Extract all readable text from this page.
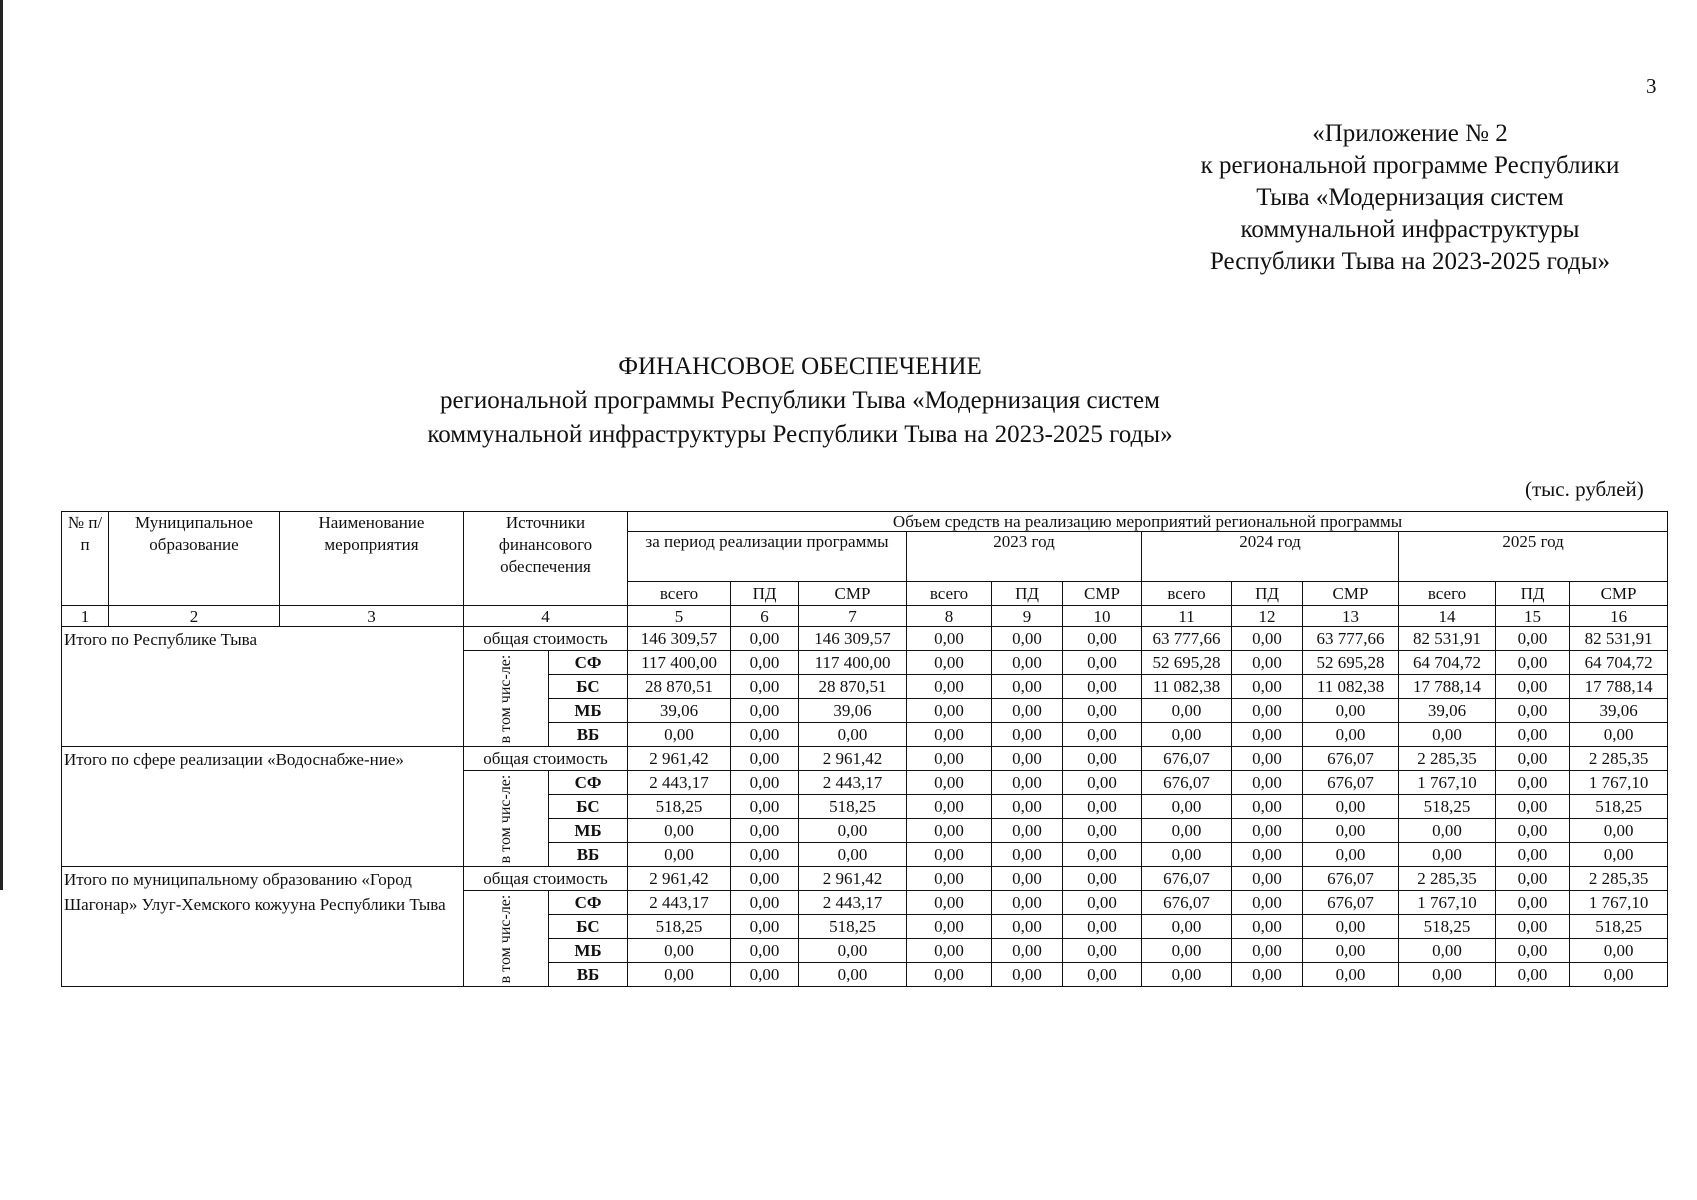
3
«Приложение № 2
к региональной программе Республики
Тыва «Модернизация систем
коммунальной инфраструктуры
Республики Тыва на 2023-2025 годы»
ФИНАНСОВОЕ ОБЕСПЕЧЕНИЕ
региональной программы Республики Тыва «Модернизация систем
коммунальной инфраструктуры Республики Тыва на 2023-2025 годы»
(тыс. рублей)
№ п/п	Муниципальное образование	Наименование мероприятия	Источники финансового обеспечения		Объем средств на реализацию мероприятий региональной программы											
					за период реализации программы			2023 год			2024 год			2025 год		
					всего	ПД	СМР	всего	ПД	СМР	всего	ПД	СМР	всего	ПД	СМР
1	2	3	4		5	6	7	8	9	10	11	12	13	14	15	16
Итого по Республике Тыва			общая стоимость		146 309,57	0,00	146 309,57	0,00	0,00	0,00	63 777,66	0,00	63 777,66	82 531,91	0,00	82 531,91

			в том чис-ле:	СФ	117 400,00	0,00	117 400,00	0,00	0,00	0,00	52 695,28	0,00	52 695,28	64 704,72	0,00	64 704,72
				БС	28 870,51	0,00	28 870,51	0,00	0,00	0,00	11 082,38	0,00	11 082,38	17 788,14	0,00	17 788,14
				МБ	39,06	0,00	39,06	0,00	0,00	0,00	0,00	0,00	0,00	39,06	0,00	39,06
				ВБ	0,00	0,00	0,00	0,00	0,00	0,00	0,00	0,00	0,00	0,00	0,00	0,00
Итого по сфере реализации «Водоснабже-ние»			общая стоимость		2 961,42	0,00	2 961,42	0,00	0,00	0,00	676,07	0,00	676,07	2 285,35	0,00	2 285,35

			в том чис-ле:	СФ	2 443,17	0,00	2 443,17	0,00	0,00	0,00	676,07	0,00	676,07	1 767,10	0,00	1 767,10
				БС	518,25	0,00	518,25	0,00	0,00	0,00	0,00	0,00	0,00	518,25	0,00	518,25
				МБ	0,00	0,00	0,00	0,00	0,00	0,00	0,00	0,00	0,00	0,00	0,00	0,00
				ВБ	0,00	0,00	0,00	0,00	0,00	0,00	0,00	0,00	0,00	0,00	0,00	0,00
Итого по муниципальному образованию «Город Шагонар» Улуг-Хемского кожууна Республики Тыва			общая стоимость		2 961,42	0,00	2 961,42	0,00	0,00	0,00	676,07	0,00	676,07	2 285,35	0,00	2 285,35

			в том чис-ле:	СФ	2 443,17	0,00	2 443,17	0,00	0,00	0,00	676,07	0,00	676,07	1 767,10	0,00	1 767,10
				БС	518,25	0,00	518,25	0,00	0,00	0,00	0,00	0,00	0,00	518,25	0,00	518,25
				МБ	0,00	0,00	0,00	0,00	0,00	0,00	0,00	0,00	0,00	0,00	0,00	0,00
				ВБ	0,00	0,00	0,00	0,00	0,00	0,00	0,00	0,00	0,00	0,00	0,00	0,00
